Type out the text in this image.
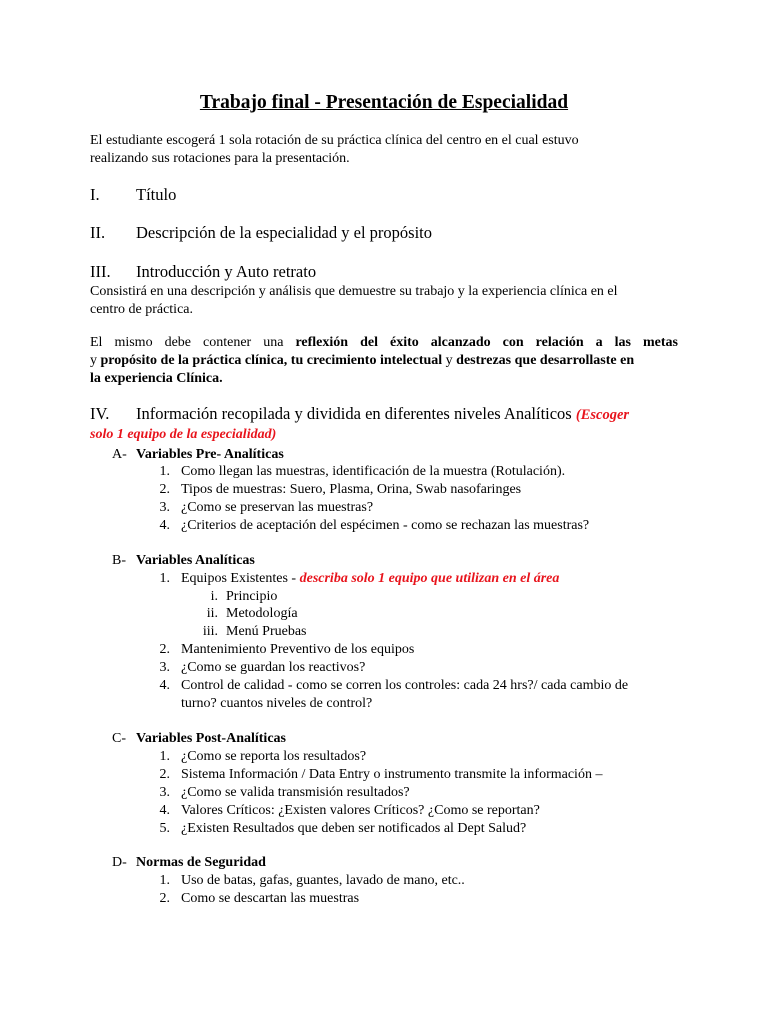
Trabajo final - Presentación de Especialidad
El estudiante escogerá 1 sola rotación de su práctica clínica del centro en el cual estuvo
realizando sus rotaciones para la presentación.
I. Título
II. Descripción de la especialidad y el propósito
III. Introducción y Auto retrato
Consistirá en una descripción y análisis que demuestre su trabajo y la experiencia clínica en el
centro de práctica.
El mismo debe contener una reflexión del éxito alcanzado con relación a las metas
y propósito de la práctica clínica, tu crecimiento intelectual y destrezas que desarrollaste en
la experiencia Clínica.
IV. Información recopilada y dividida en diferentes niveles Analíticos (Escoger
solo 1 equipo de la especialidad)
A- Variables Pre- Analíticas
1. Como llegan las muestras, identificación de la muestra (Rotulación).
2. Tipos de muestras: Suero, Plasma, Orina, Swab nasofaringes
3. ¿Como se preservan las muestras?
4. ¿Criterios de aceptación del espécimen - como se rechazan las muestras?
B- Variables Analíticas
1. Equipos Existentes - describa solo 1 equipo que utilizan en el área
i. Principio
ii. Metodología
iii. Menú Pruebas
2. Mantenimiento Preventivo de los equipos
3. ¿Como se guardan los reactivos?
4. Control de calidad - como se corren los controles: cada 24 hrs?/ cada cambio de
turno? cuantos niveles de control?
C- Variables Post-Analíticas
1. ¿Como se reporta los resultados?
2. Sistema Información / Data Entry o instrumento transmite la información –
3. ¿Como se valida transmisión resultados?
4. Valores Críticos: ¿Existen valores Críticos? ¿Como se reportan?
5. ¿Existen Resultados que deben ser notificados al Dept Salud?
D- Normas de Seguridad
1. Uso de batas, gafas, guantes, lavado de mano, etc..
2. Como se descartan las muestras
